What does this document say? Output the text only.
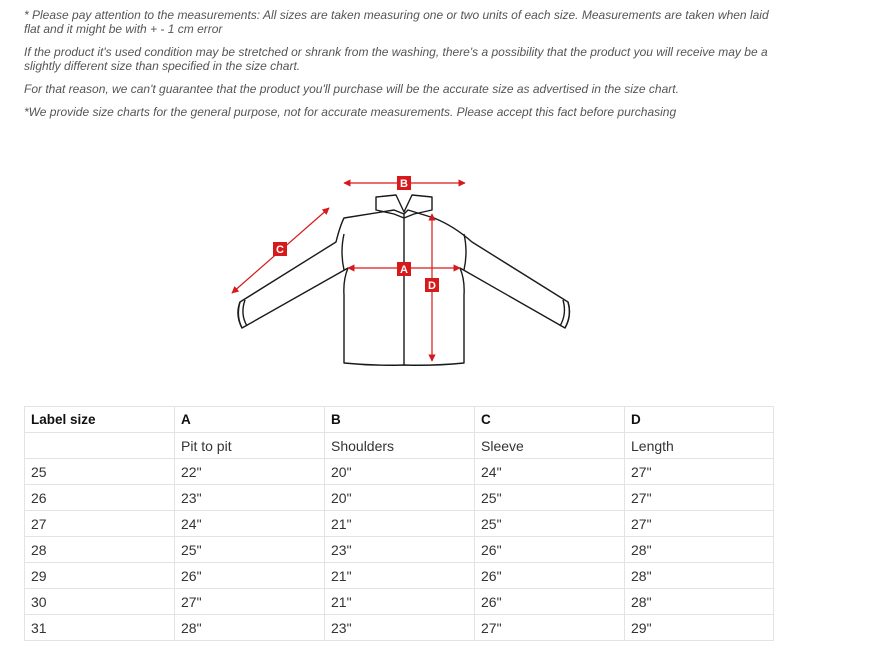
* Please pay attention to the measurements: All sizes are taken measuring one or two units of each size. Measurements are taken when laid flat and it might be with + - 1 cm error

If the product it's used condition may be stretched or shrank from the washing, there's a possibility that the product you will receive may be a slightly different size than specified in the size chart.

For that reason, we can't guarantee that the product you'll purchase will be the accurate size as advertised in the size chart.

*We provide size charts for the general purpose, not for accurate measurements. Please accept this fact before purchasing

B
A
C
D
Label size	A	B	C	D
	Pit to pit	Shoulders	Sleeve	Length
25	22"	20"	24"	27"
26	23"	20"	25"	27"
27	24"	21"	25"	27"
28	25"	23"	26"	28"
29	26"	21"	26"	28"
30	27"	21"	26"	28"
31	28"	23"	27"	29"
